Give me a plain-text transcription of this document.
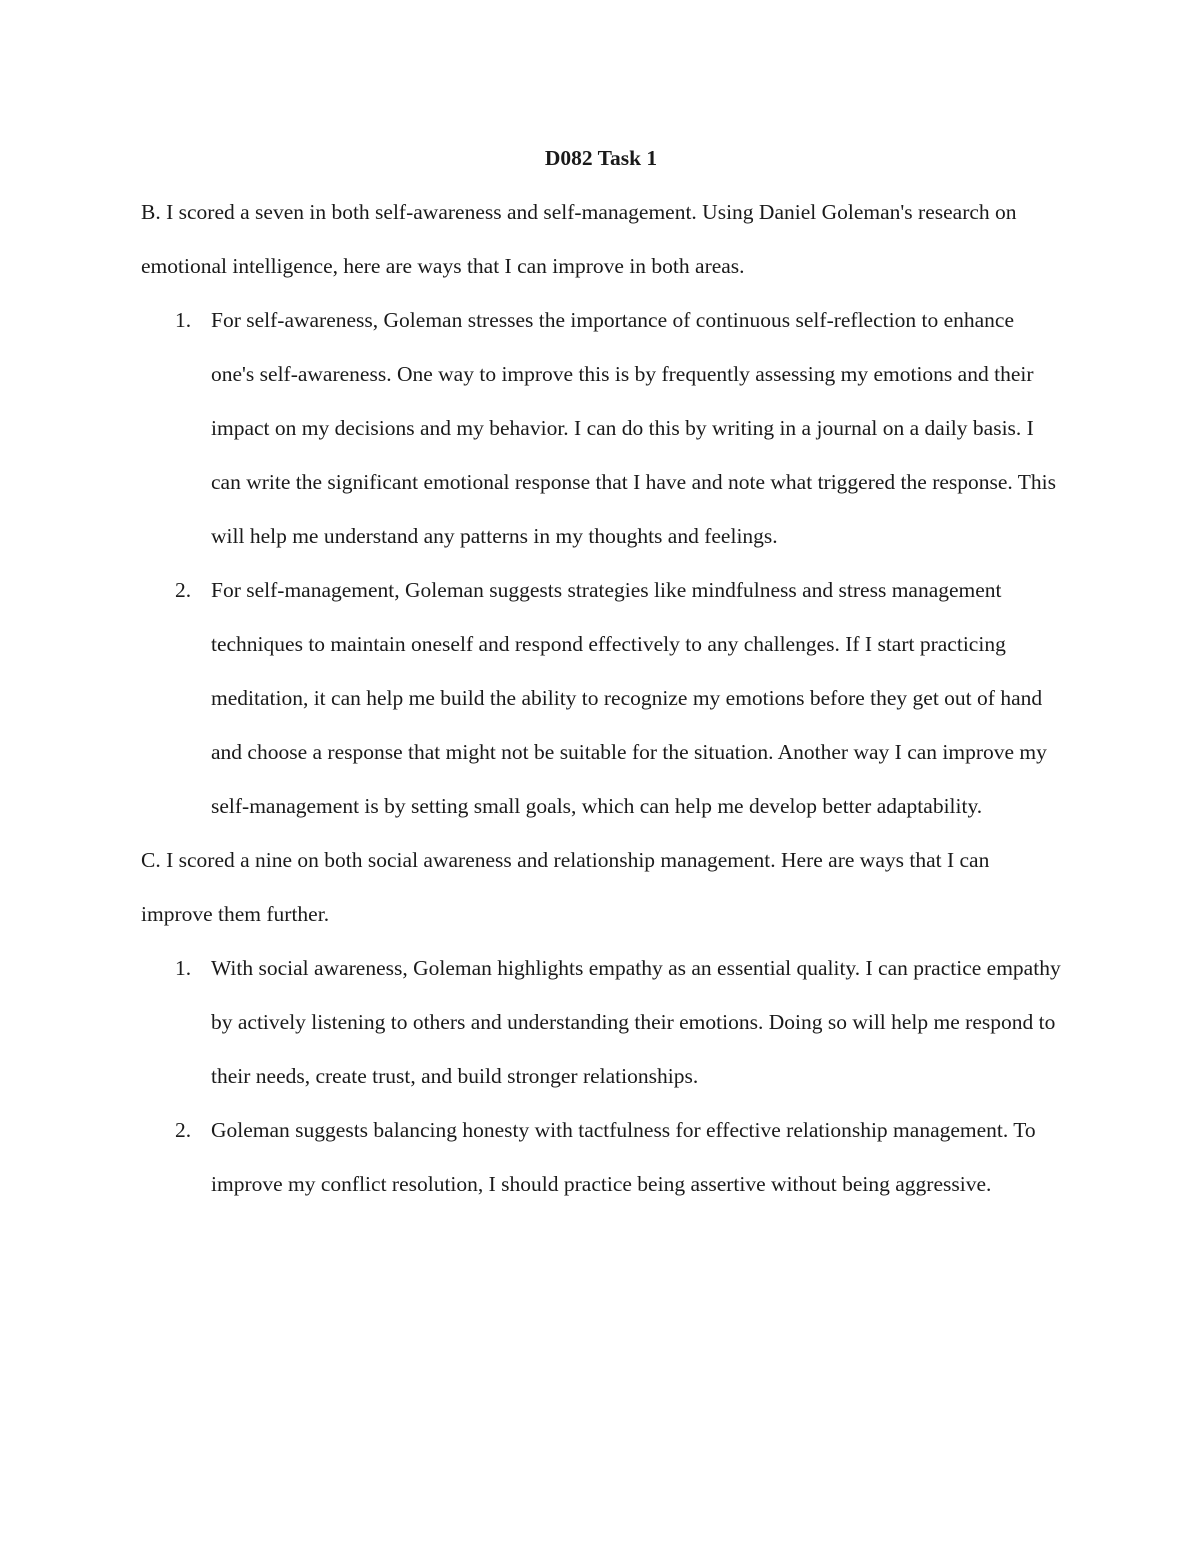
D082 Task 1

B. I scored a seven in both self-awareness and self-management. Using Daniel Goleman's research on emotional intelligence, here are ways that I can improve in both areas.

1. For self-awareness, Goleman stresses the importance of continuous self-reflection to enhance one's self-awareness. One way to improve this is by frequently assessing my emotions and their impact on my decisions and my behavior. I can do this by writing in a journal on a daily basis. I can write the significant emotional response that I have and note what triggered the response. This will help me understand any patterns in my thoughts and feelings.
2. For self-management, Goleman suggests strategies like mindfulness and stress management techniques to maintain oneself and respond effectively to any challenges. If I start practicing meditation, it can help me build the ability to recognize my emotions before they get out of hand and choose a response that might not be suitable for the situation. Another way I can improve my self-management is by setting small goals, which can help me develop better adaptability.

C. I scored a nine on both social awareness and relationship management. Here are ways that I can improve them further.

1. With social awareness, Goleman highlights empathy as an essential quality. I can practice empathy by actively listening to others and understanding their emotions. Doing so will help me respond to their needs, create trust, and build stronger relationships.
2. Goleman suggests balancing honesty with tactfulness for effective relationship management. To improve my conflict resolution, I should practice being assertive without being aggressive.
